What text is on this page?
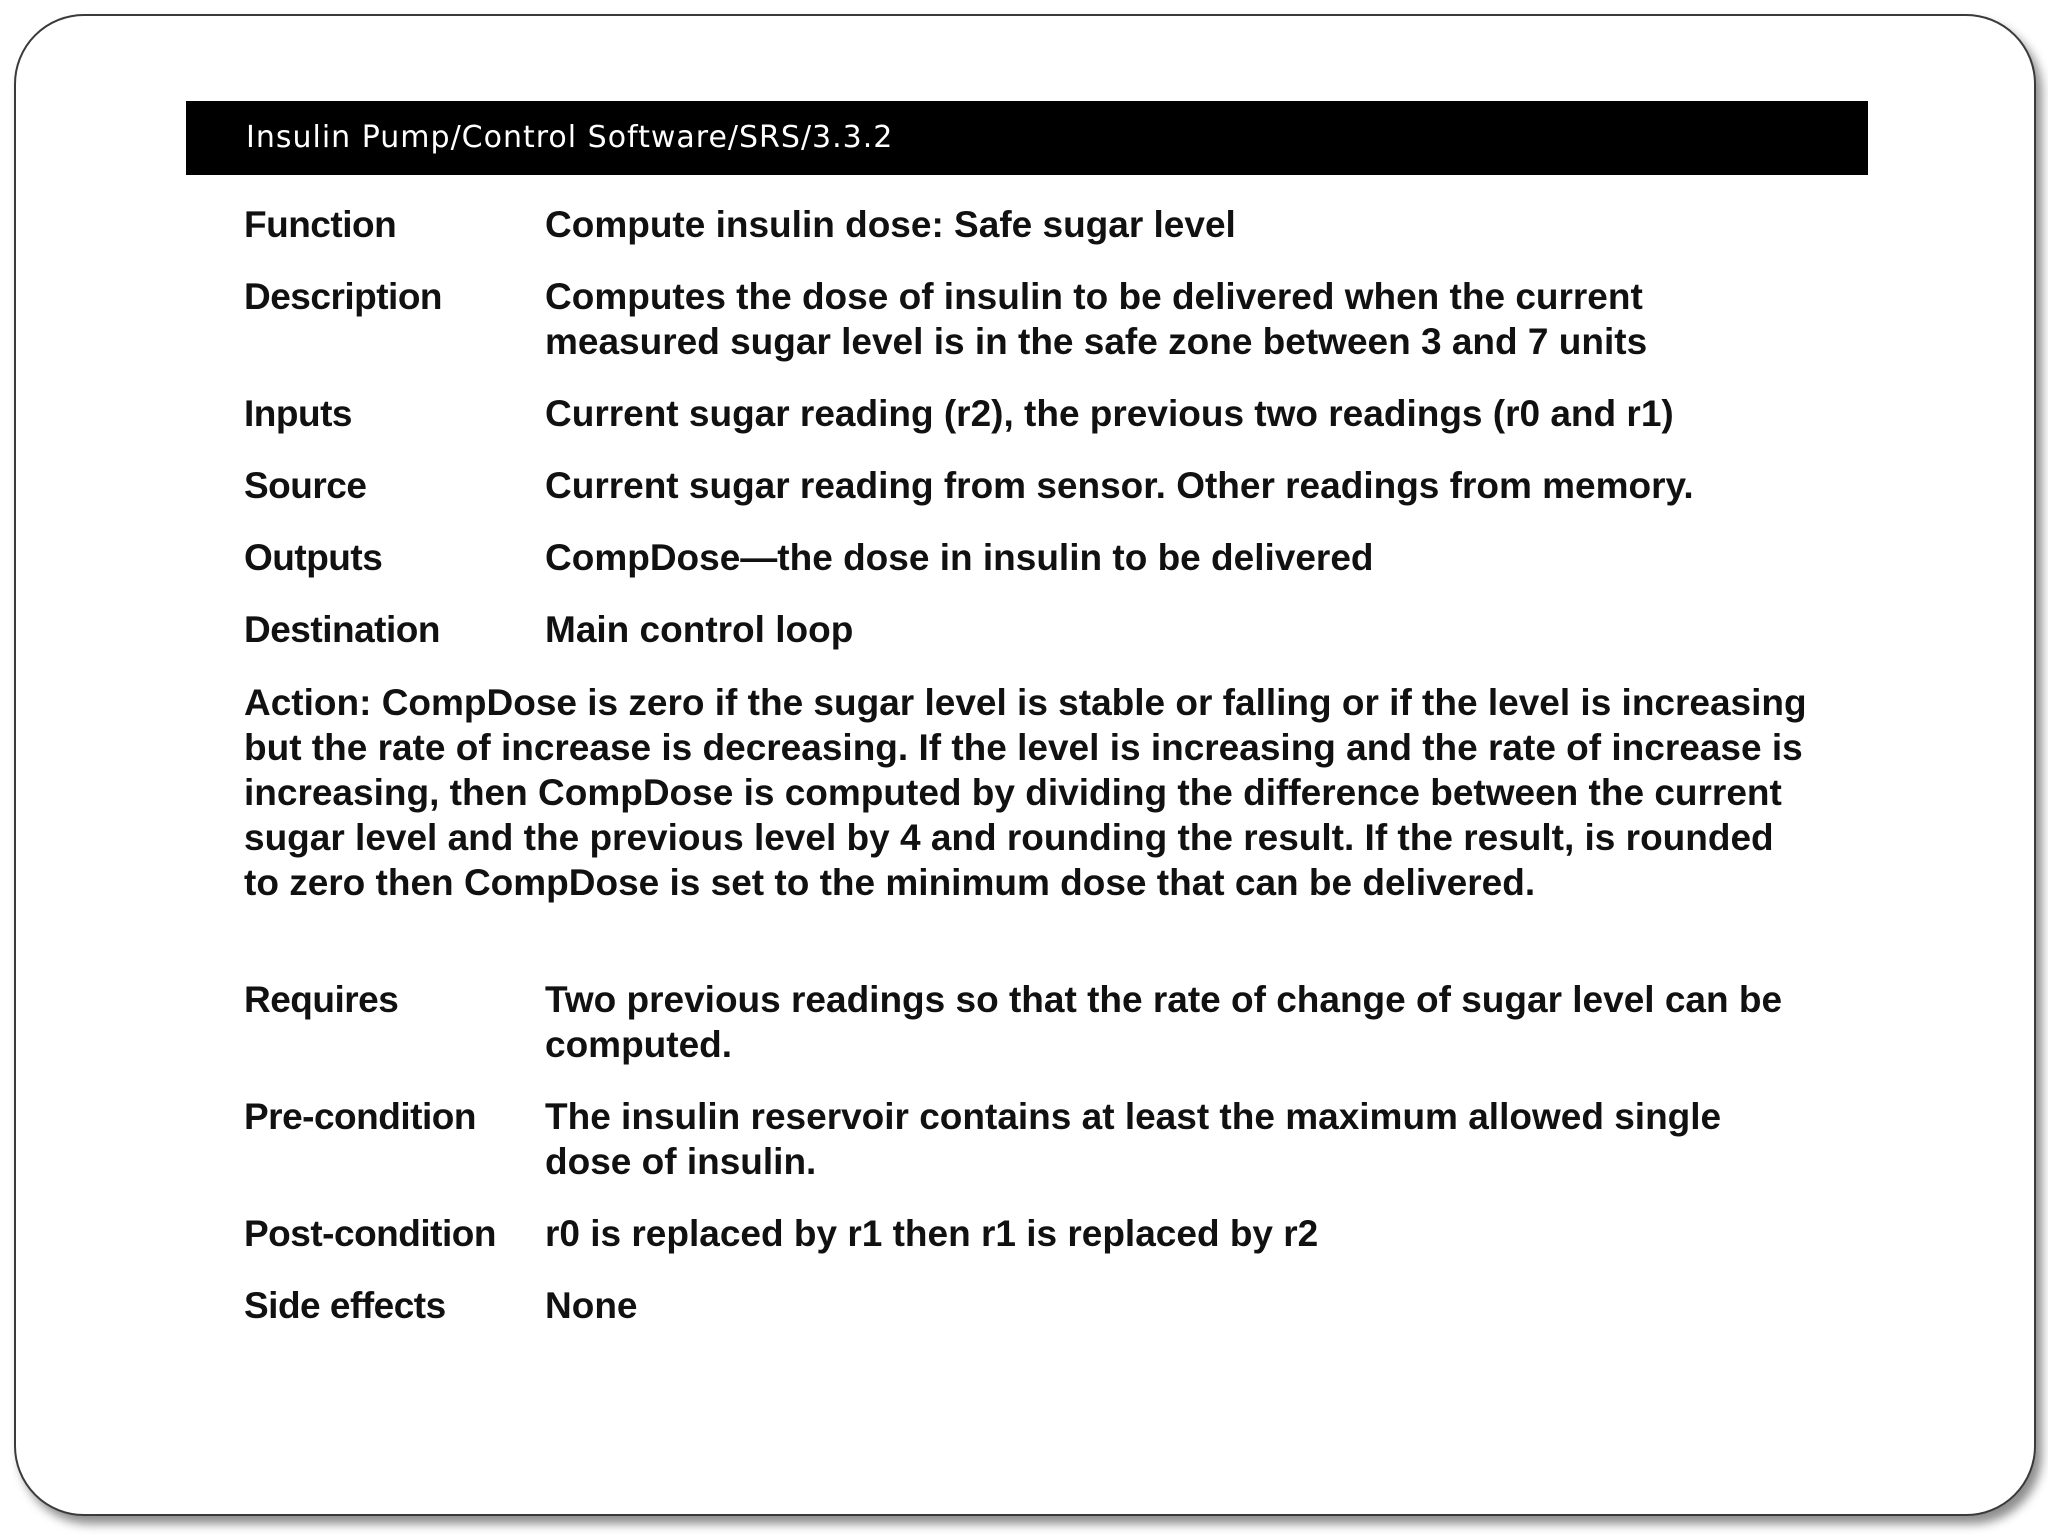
Insulin Pump/Control Software/SRS/3.3.2
Function	Compute insulin dose: Safe sugar level
Description	Computes the dose of insulin to be delivered when the current measured sugar level is in the safe zone between 3 and 7 units
Inputs	Current sugar reading (r2), the previous two readings (r0 and r1)
Source	Current sugar reading from sensor. Other readings from memory.
Outputs	CompDose—the dose in insulin to be delivered
Destination	Main control loop
Action: CompDose is zero if the sugar level is stable or falling or if the level is increasing but the rate of increase is decreasing. If the level is increasing and the rate of increase is increasing, then CompDose is computed by dividing the difference between the current sugar level and the previous level by 4 and rounding the result. If the result, is rounded to zero then CompDose is set to the minimum dose that can be delivered.
Requires	Two previous readings so that the rate of change of sugar level can be computed.
Pre-condition	The insulin reservoir contains at least the maximum allowed single dose of insulin.
Post-condition	r0 is replaced by r1 then r1 is replaced by r2
Side effects	None
